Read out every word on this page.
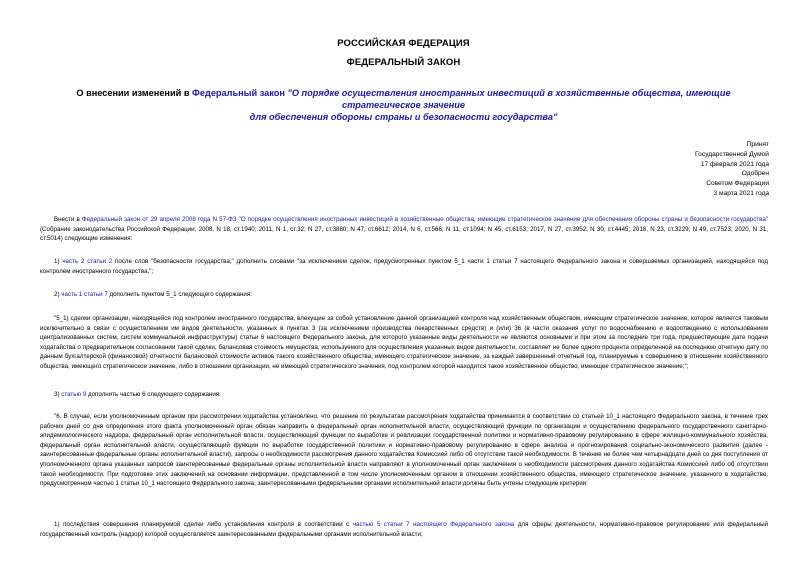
РОССИЙСКАЯ ФЕДЕРАЦИЯ
ФЕДЕРАЛЬНЫЙ ЗАКОН
О внесении изменений в Федеральный закон "О порядке осуществления иностранных инвестиций в хозяйственные общества, имеющие стратегическое значение
для обеспечения обороны страны и безопасности государства"
Принят
Государственной Думой
17 февраля 2021 года
Одобрен
Советом Федерации
3 марта 2021 года
Внести в Федеральный закон от 29 апреля 2008 года N 57-ФЗ "О порядке осуществления иностранных инвестиций в хозяйственные общества, имеющие стратегическое значение для обеспечения обороны страны и безопасности государства" (Собрание законодательства Российской Федерации, 2008, N 18, ст.1940; 2011, N 1, ст.32; N 27, ст.3880; N 47, ст.6612; 2014, N 6, ст.566; N 11, ст.1094; N 45, ст.6153; 2017, N 27, ст.3952; N 30, ст.4445; 2018, N 23, ст.3229; N 49, ст.7523; 2020, N 31, ст.5014) следующие изменения:
1) часть 2 статьи 2 после слов "безопасности государства," дополнить словами "за исключением сделок, предусмотренных пунктом 5_1 части 1 статьи 7 настоящего Федерального закона и совершаемых организацией, находящейся под контролем иностранного государства,";
2) часть 1 статьи 7 дополнить пунктом 5_1 следующего содержания:
"5_1) сделки организации, находящейся под контролем иностранного государства, влекущие за собой установление данной организацией контроля над хозяйственным обществом, имеющим стратегическое значение, которое является таковым исключительно в связи с осуществлением им видов деятельности, указанных в пунктах 3 (за исключением производства лекарственных средств) и (или) 36 (в части оказания услуг по водоснабжению и водоотведению с использованием централизованных систем, систем коммунальной инфраструктуры) статьи 6 настоящего Федерального закона, для которого указанные виды деятельности не являются основными и при этом за последние три года, предшествующие дате подачи ходатайства о предварительном согласовании такой сделки, балансовая стоимость имущества, используемого для осуществления указанных видов деятельности, составляет не более одного процента определенной на последнюю отчетную дату по данным бухгалтерской (финансовой) отчетности балансовой стоимости активов такого хозяйственного общества, имеющего стратегическое значение, за каждый завершенный отчетный год, планируемые к совершению в отношении хозяйственного общества, имеющего стратегическое значение, либо в отношении организации, не имеющей стратегического значения, под контролем которой находится такое хозяйственное общество, имеющее стратегическое значение;";
3) статью 9 дополнить частью 6 следующего содержания:
"6. В случае, если уполномоченным органом при рассмотрении ходатайства установлено, что решение по результатам рассмотрения ходатайства принимается в соответствии со статьей 10_1 настоящего Федерального закона, в течение трех рабочих дней со дня определения этого факта уполномоченный орган обязан направить в федеральный орган исполнительной власти, осуществляющий функции по организации и осуществлению федерального государственного санитарно-эпидемиологического надзора, федеральный орган исполнительной власти, осуществляющий функции по выработке и реализации государственной политики и нормативно-правовому регулированию в сфере жилищно-коммунального хозяйства, федеральный орган исполнительной власти, осуществляющий функции по выработке государственной политики и нормативно-правовому регулированию в сфере анализа и прогнозирования социально-экономического развития (далее - заинтересованные федеральные органы исполнительной власти), запросы о необходимости рассмотрения данного ходатайства Комиссией либо об отсутствии такой необходимости. В течение не более чем четырнадцати дней со дня поступления от уполномоченного органа указанных запросов заинтересованные федеральные органы исполнительной власти направляют в уполномоченный орган заключения о необходимости рассмотрения данного ходатайства Комиссией либо об отсутствии такой необходимости. При подготовке этих заключений на основании информации, представленной в том числе уполномоченным органом в отношении хозяйственного общества, имеющего стратегическое значение, указанного в ходатайстве, предусмотренном частью 1 статьи 10_1 настоящего Федерального закона, заинтересованными федеральными органами исполнительной власти должны быть учтены следующие критерии:
1) последствия совершения планируемой сделки либо установления контроля в соответствии с частью 5 статьи 7 настоящего Федерального закона для сферы деятельности, нормативно-правовое регулирование или федеральный государственный контроль (надзор) которой осуществляется заинтересованными федеральными органами исполнительной власти;
